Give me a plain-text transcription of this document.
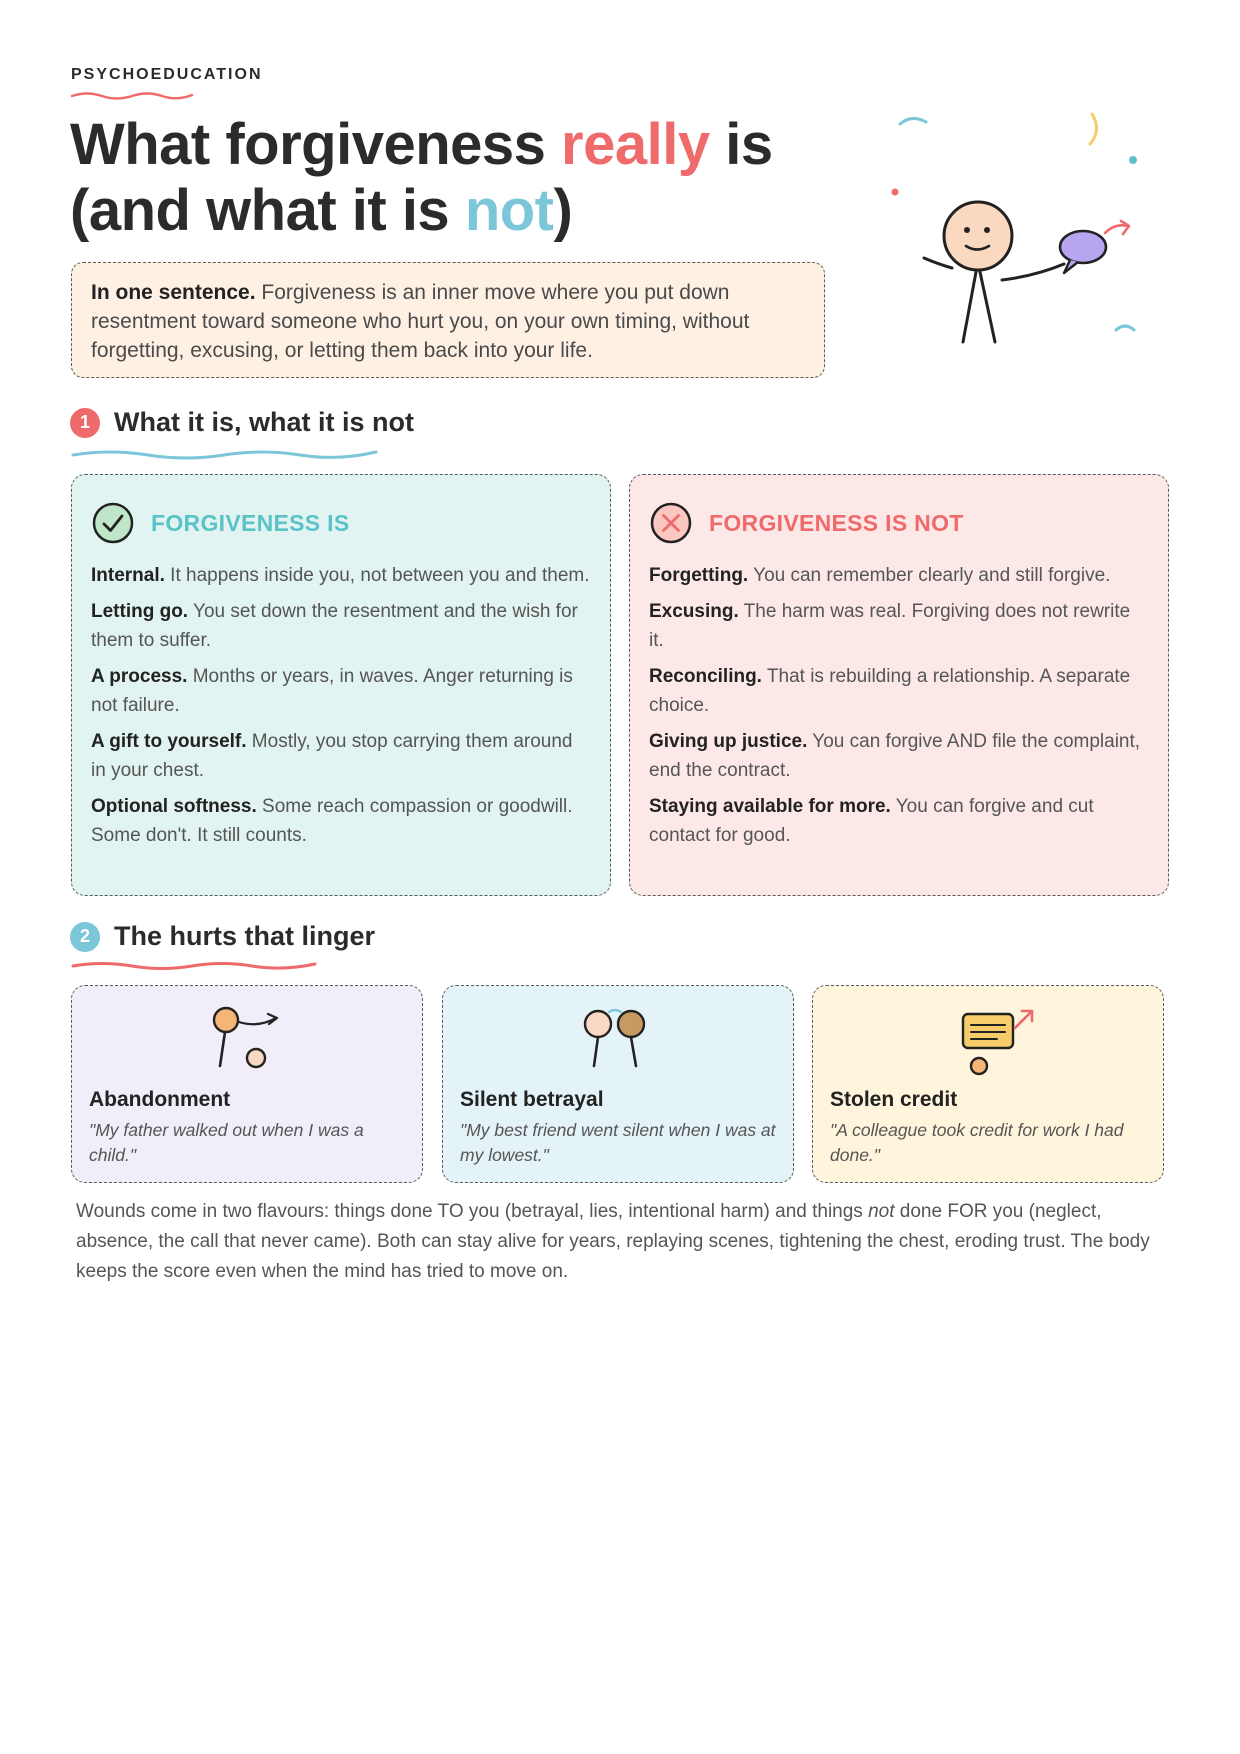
PSYCHOEDUCATION
What forgiveness really is
(and what it is not)
In one sentence. Forgiveness is an inner move where you put down resentment toward someone who hurt you, on your own timing, without forgetting, excusing, or letting them back into your life.
1 What it is, what it is not
FORGIVENESS IS
Internal. It happens inside you, not between you and them.
Letting go. You set down the resentment and the wish for them to suffer.
A process. Months or years, in waves. Anger returning is not failure.
A gift to yourself. Mostly, you stop carrying them around in your chest.
Optional softness. Some reach compassion or goodwill. Some don't. It still counts.
FORGIVENESS IS NOT
Forgetting. You can remember clearly and still forgive.
Excusing. The harm was real. Forgiving does not rewrite it.
Reconciling. That is rebuilding a relationship. A separate choice.
Giving up justice. You can forgive AND file the complaint, end the contract.
Staying available for more. You can forgive and cut contact for good.
2 The hurts that linger
Abandonment
"My father walked out when I was a child."
Silent betrayal
"My best friend went silent when I was at my lowest."
Stolen credit
"A colleague took credit for work I had done."
Wounds come in two flavours: things done TO you (betrayal, lies, intentional harm) and things not done FOR you (neglect, absence, the call that never came). Both can stay alive for years, replaying scenes, tightening the chest, eroding trust. The body keeps the score even when the mind has tried to move on.
